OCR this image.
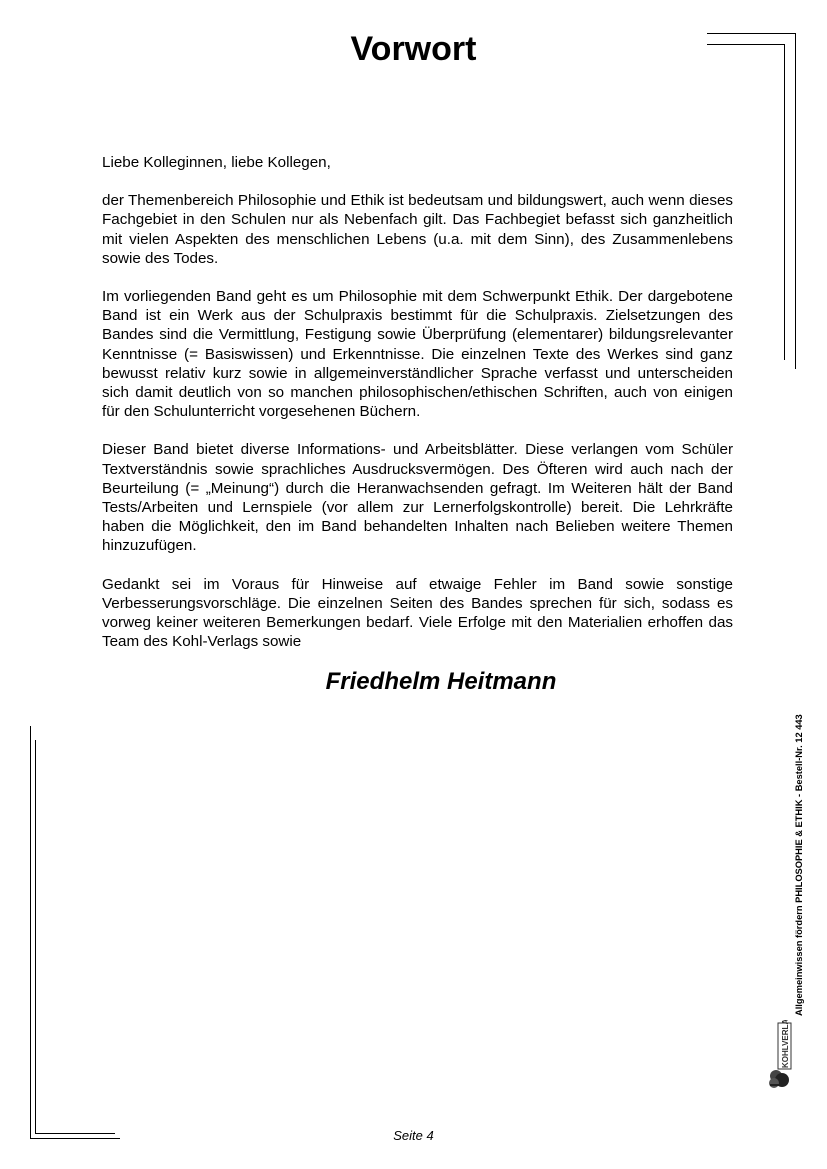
Vorwort

Liebe Kolleginnen, liebe Kollegen,

der Themenbereich Philosophie und Ethik ist bedeutsam und bildungswert, auch wenn dieses Fachgebiet in den Schulen nur als Nebenfach gilt. Das Fachbegiet befasst sich ganzheitlich mit vielen Aspekten des menschlichen Lebens (u.a. mit dem Sinn), des Zusammenlebens sowie des Todes.

Im vorliegenden Band geht es um Philosophie mit dem Schwerpunkt Ethik. Der dargebotene Band ist ein Werk aus der Schulpraxis bestimmt für die Schulpraxis. Zielsetzungen des Bandes sind die Vermittlung, Festigung sowie Überprüfung (elementarer) bildungsrelevanter Kenntnisse (= Basiswissen) und Erkenntnisse. Die einzelnen Texte des Werkes sind ganz bewusst relativ kurz sowie in allgemeinverständlicher Sprache verfasst und unterscheiden sich damit deutlich von so manchen philosophischen/ethischen Schriften, auch von einigen für den Schulunterricht vorgesehenen Büchern.

Dieser Band bietet diverse Informations- und Arbeitsblätter. Diese verlangen vom Schüler Textverständnis sowie sprachliches Ausdrucksvermögen. Des Öfteren wird auch nach der Beurteilung (= „Meinung“) durch die Heranwachsenden gefragt. Im Weiteren hält der Band Tests/Arbeiten und Lernspiele (vor allem zur Lernerfolgskontrolle) bereit. Die Lehrkräfte haben die Möglichkeit, den im Band behandelten Inhalten nach Belieben weitere Themen hinzuzufügen.

Gedankt sei im Voraus für Hinweise auf etwaige Fehler im Band sowie sonstige Verbesserungsvorschläge. Die einzelnen Seiten des Bandes sprechen für sich, sodass es vorweg keiner weiteren Bemerkungen bedarf. Viele Erfolge mit den Materialien erhoffen das Team des Kohl-Verlags sowie

Friedhelm Heitmann
Allgemeinwissen fördern PHILOSOPHIE & ETHIK - Bestell-Nr. 12 443
KOHLVERLAG
Seite 4
